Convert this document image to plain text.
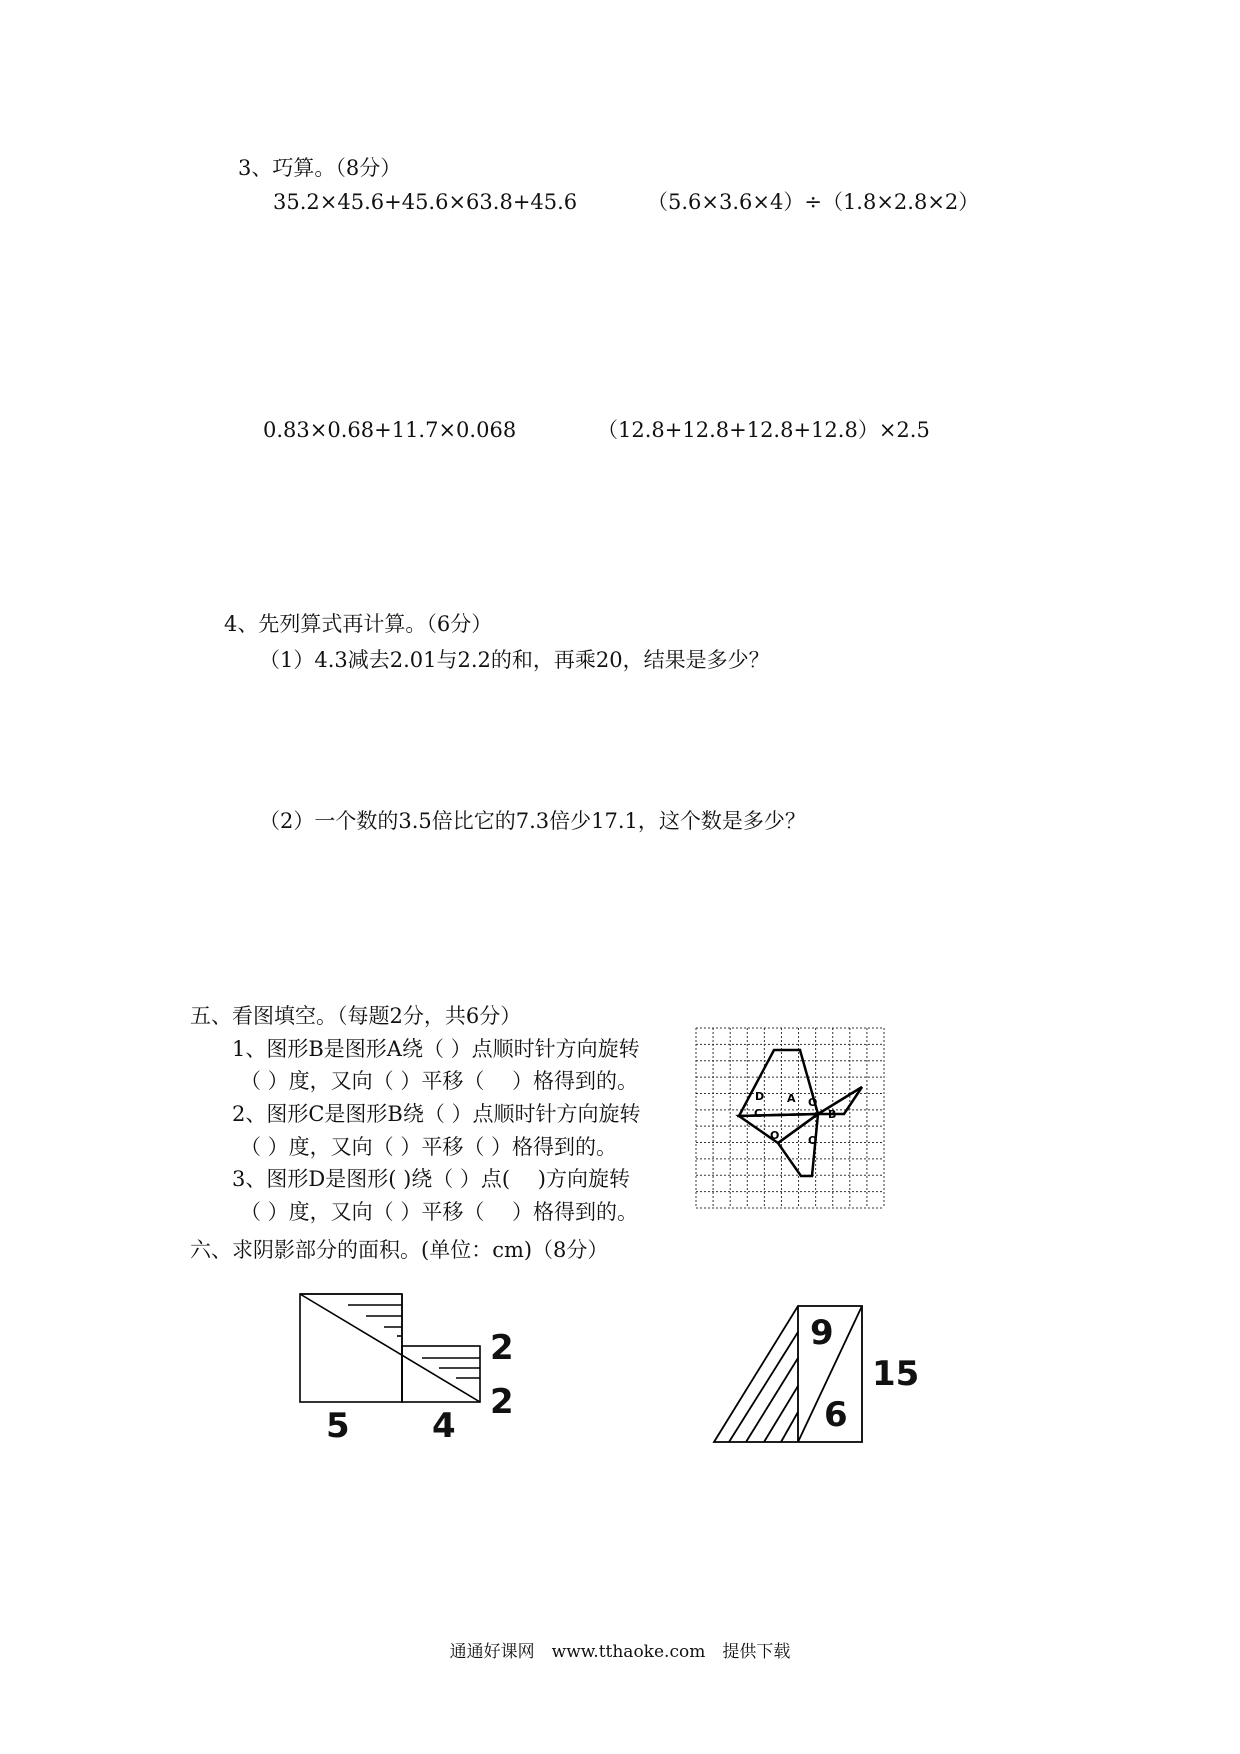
3、巧算。（8分）
35.2×45.6+45.6×63.8+45.6	（5.6×3.6×4）÷（1.8×2.8×2）
0.83×0.68+11.7×0.068	（12.8+12.8+12.8+12.8）×2.5
4、先列算式再计算。（6分）
（1）4.3减去2.01与2.2的和，再乘20，结果是多少？
（2）一个数的3.5倍比它的7.3倍少17.1，这个数是多少？
五、看图填空。（每题2分，共6分）
1、图形B是图形A绕（ ）点顺时针方向旋转
（ ）度，又向（ ）平移（　 ）格得到的。
2、图形C是图形B绕（ ）点顺时针方向旋转
（ ）度，又向（ ）平移（ ）格得到的。
3、图形D是图形( )绕（ ）点(　 )方向旋转
（ ）度，又向（ ）平移（　 ）格得到的。
A
B
C
D	O
O
O
六、求阴影部分的面积。(单位：cm)（8分）
5 4
2
2
9
6
15
通通好课网　www.tthaoke.com　提供下载
